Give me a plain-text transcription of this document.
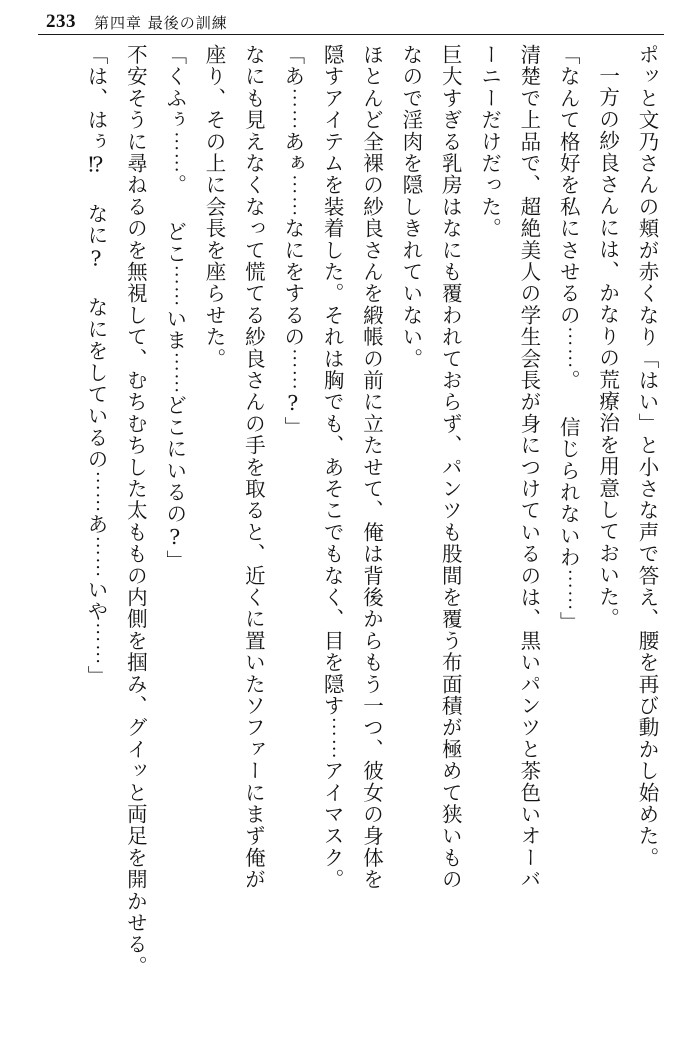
233 第四章 最後の訓練

ポッと文乃さんの頬が赤くなり「はい」と小さな声で答え、腰を再び動かし始めた。

一方の紗良さんには、かなりの荒療治を用意しておいた。

「なんて格好を私にさせるの⋯⋯。 信じられないわ⋯⋯」

清楚で上品で、超絶美人の学生会長が身につけているのは、黒いパンツと茶色いオーバ

ーニーだけだった。

巨大すぎる乳房はなにも覆われておらず、パンツも股間を覆う布面積が極めて狭いもの

なので淫肉を隠しきれていない。

ほとんど全裸の紗良さんを緞帳の前に立たせて、俺は背後からもう一つ、彼女の身体を

隠すアイテムを装着した。それは胸でも、あそこでもなく、目を隠す⋯⋯アイマスク。

「あ⋯⋯あぁ⋯⋯なにをするの⋯⋯?」

なにも見えなくなって慌てる紗良さんの手を取ると、近くに置いたソファーにまず俺が

座り、その上に会長を座らせた。

「くふぅ⋯⋯。 どこ⋯⋯いま⋯⋯どこにいるの?」

不安そうに尋ねるのを無視して、むちむちした太ももの内側を掴み、グイッと両足を開かせる。

「は、はぅ⁉ なに? なにをしているの⋯⋯あ⋯⋯いや⋯⋯」
